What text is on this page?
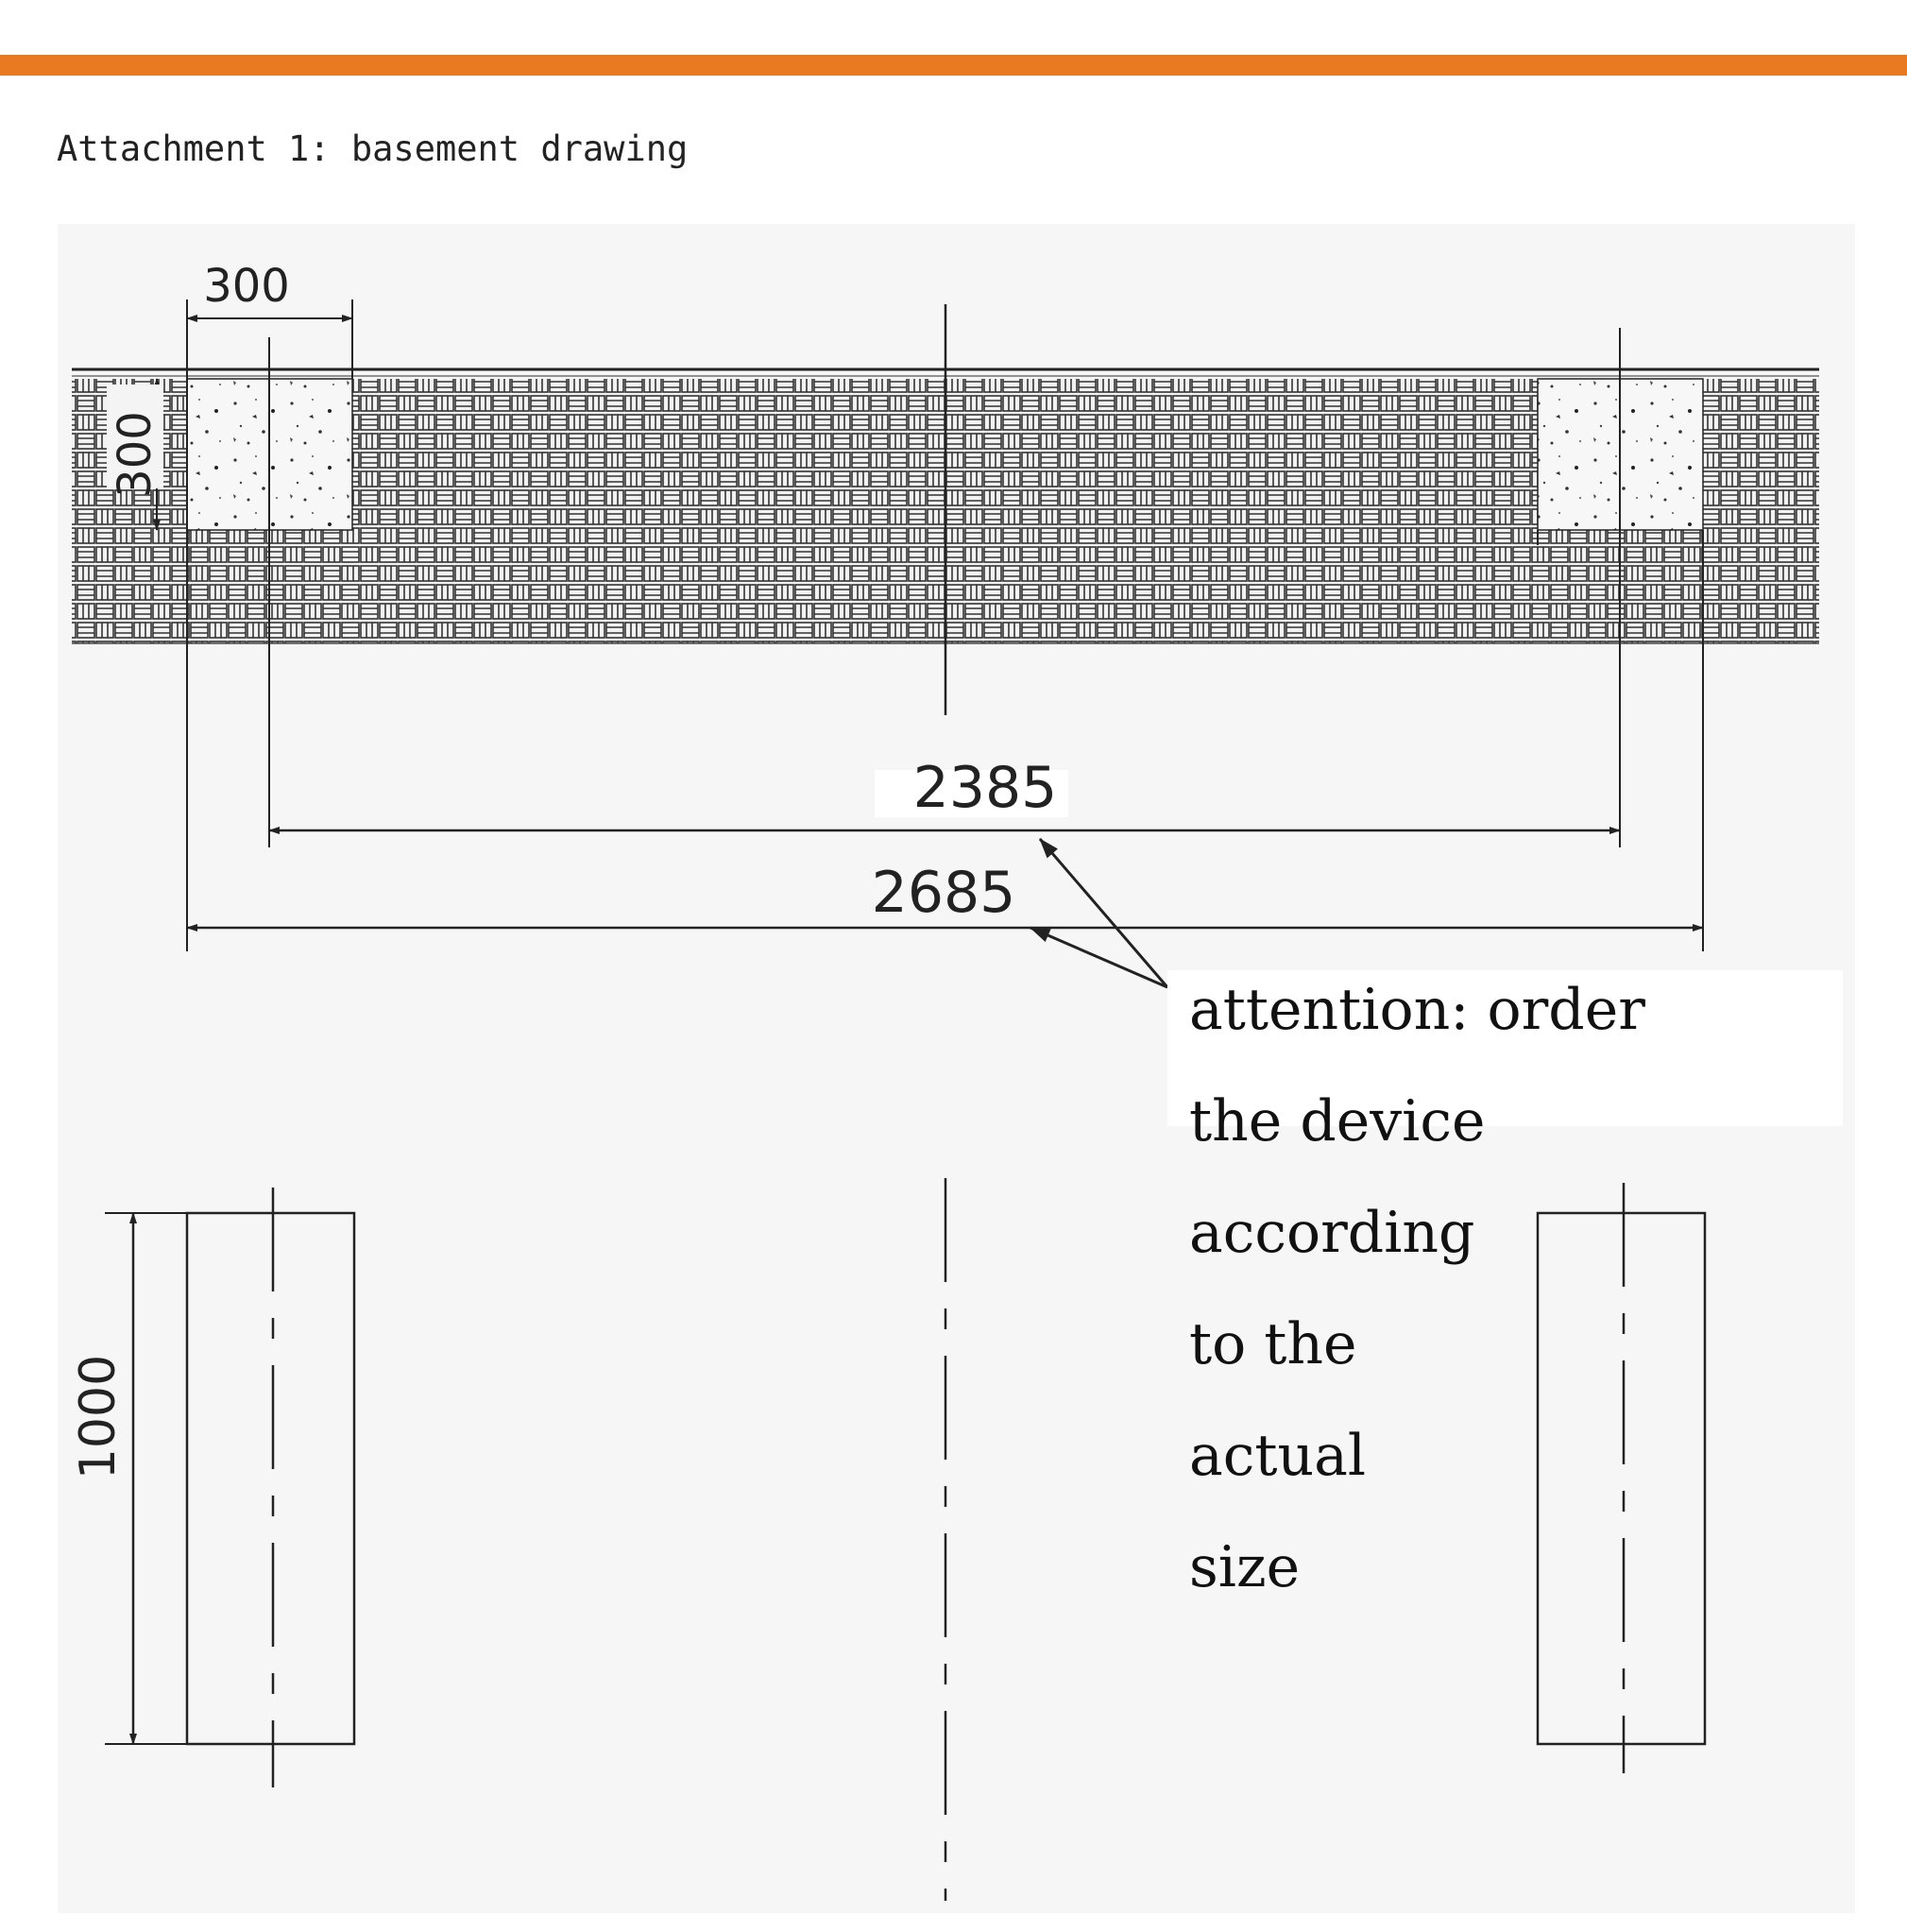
Attachment 1: basement drawing
300
300
2385
2685
attention: order
the device
according
to the
actual
size
1000
